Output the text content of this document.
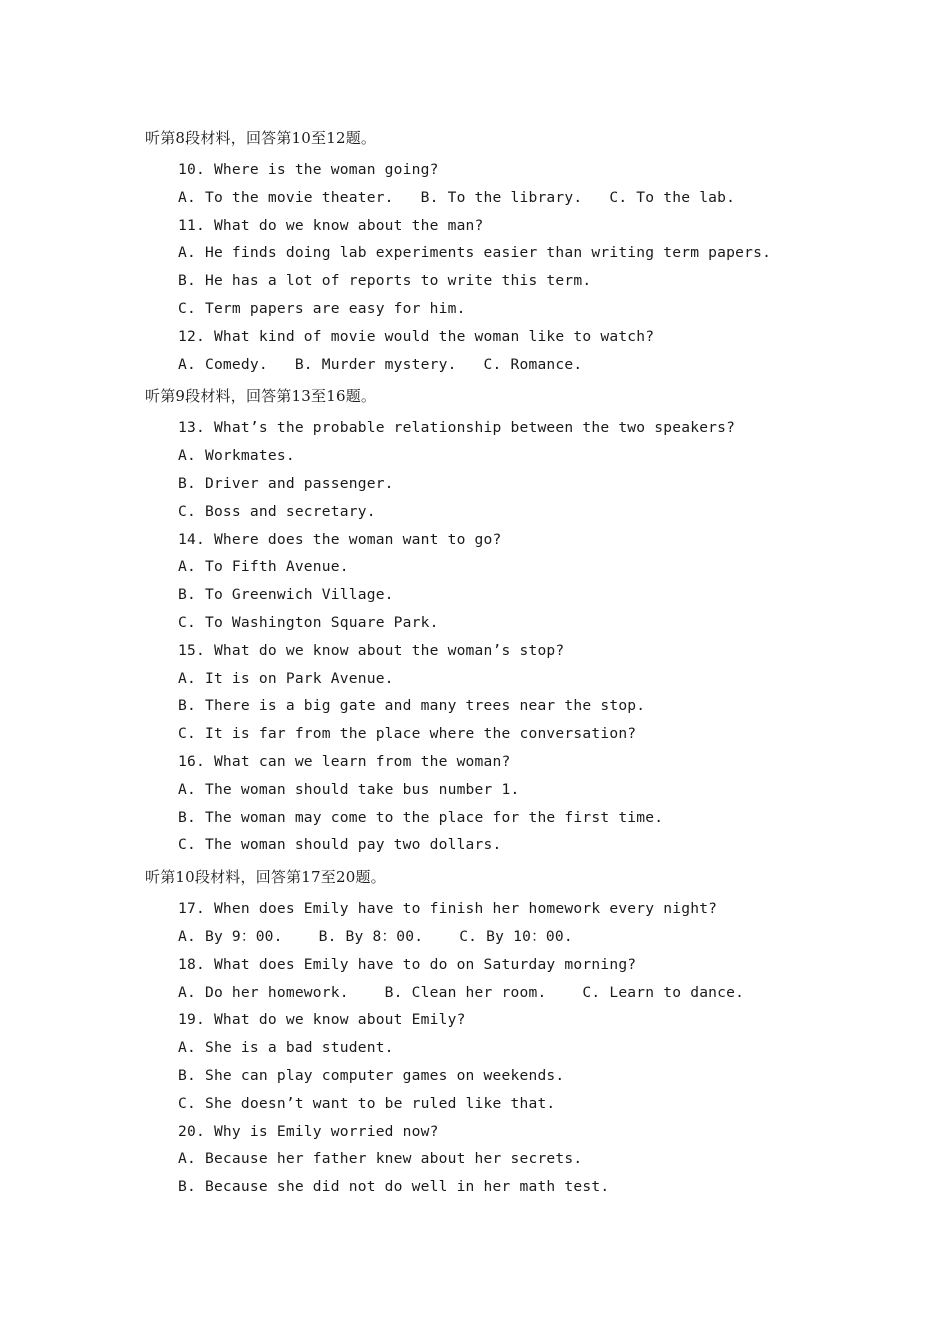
听第8段材料，回答第10至12题。
10. Where is the woman going?
A. To the movie theater.   B. To the library.   C. To the lab.
11. What do we know about the man?
A. He finds doing lab experiments easier than writing term papers.
B. He has a lot of reports to write this term.
C. Term papers are easy for him.
12. What kind of movie would the woman like to watch?
A. Comedy.   B. Murder mystery.   C. Romance.
听第9段材料，回答第13至16题。
13. What’s the probable relationship between the two speakers?
A. Workmates.
B. Driver and passenger.
C. Boss and secretary.
14. Where does the woman want to go?
A. To Fifth Avenue.
B. To Greenwich Village.
C. To Washington Square Park.
15. What do we know about the woman’s stop?
A. It is on Park Avenue.
B. There is a big gate and many trees near the stop.
C. It is far from the place where the conversation?
16. What can we learn from the woman?
A. The woman should take bus number 1.
B. The woman may come to the place for the first time.
C. The woman should pay two dollars.
听第10段材料，回答第17至20题。
17. When does Emily have to finish her homework every night?
A. By 9：00.    B. By 8：00.    C. By 10：00.
18. What does Emily have to do on Saturday morning?
A. Do her homework.    B. Clean her room.    C. Learn to dance.
19. What do we know about Emily?
A. She is a bad student.
B. She can play computer games on weekends.
C. She doesn’t want to be ruled like that.
20. Why is Emily worried now?
A. Because her father knew about her secrets.
B. Because she did not do well in her math test.
